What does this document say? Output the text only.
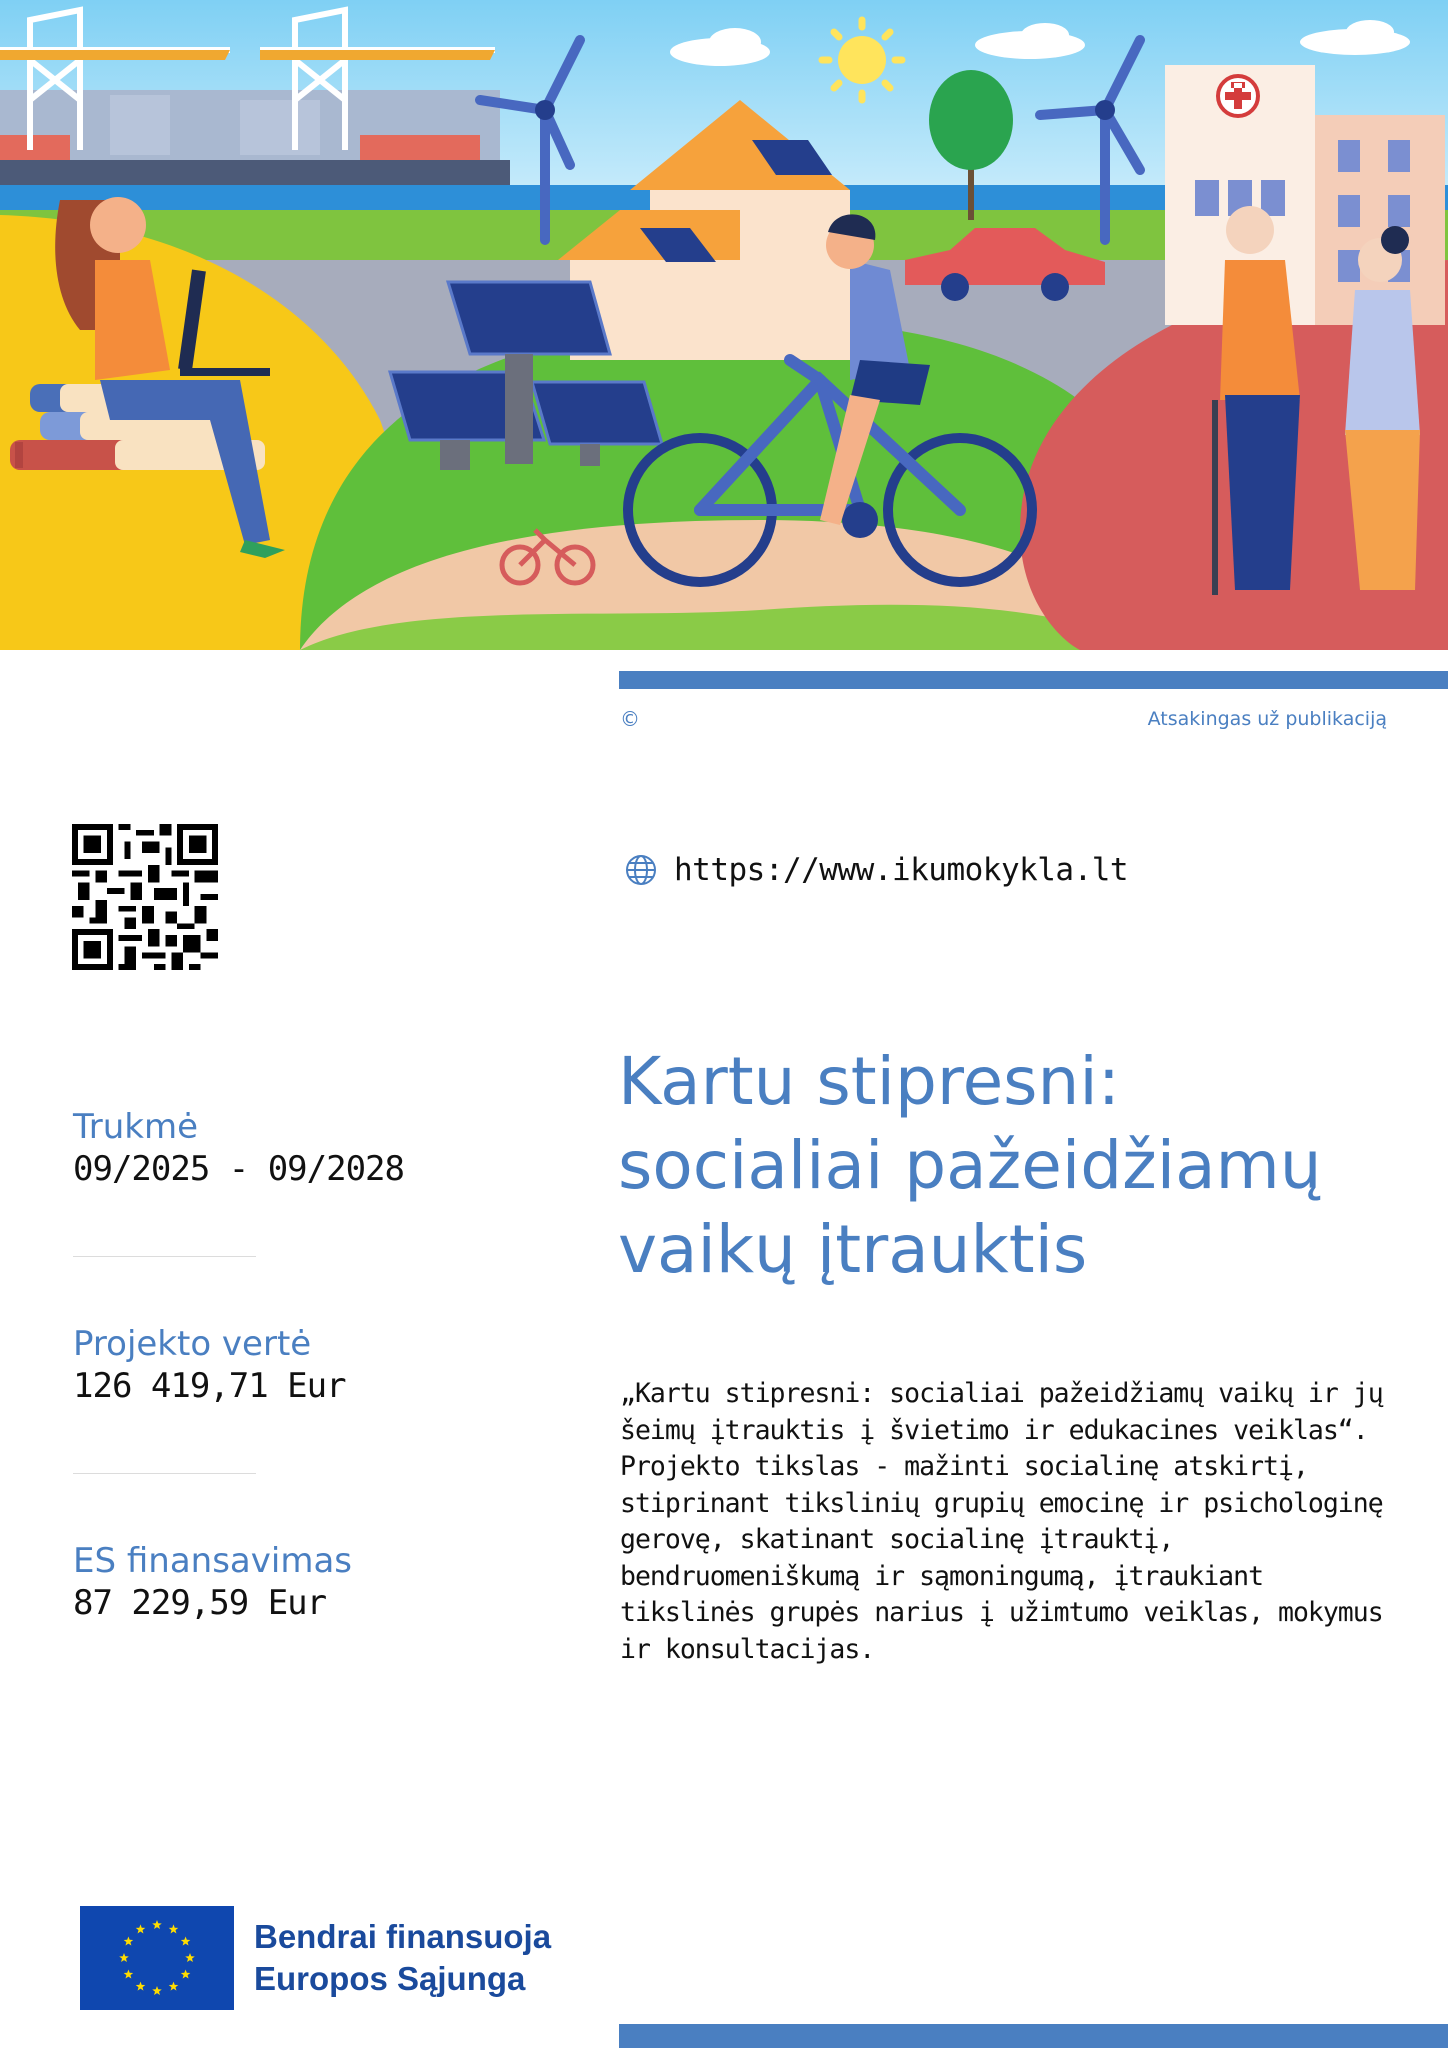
©	Atsakingas už publikaciją
https://www.ikumokykla.lt
Kartu stipresni:
socialiai pažeidžiamų
vaikų įtrauktis

„Kartu stipresni: socialiai pažeidžiamų vaikų ir jų šeimų įtrauktis į švietimo ir edukacines veiklas“. Projekto tikslas - mažinti socialinę atskirtį, stiprinant tikslinių grupių emocinę ir psichologinę gerovę, skatinant socialinę įtrauktį, bendruomeniškumą ir sąmoningumą, įtraukiant tikslinės grupės narius į užimtumo veiklas, mokymus ir konsultacijas.

Trukmė
09/2025 - 09/2028
Projekto vertė
126 419,71 Eur
ES finansavimas
87 229,59 Eur
Bendrai finansuoja
Europos Sąjunga
